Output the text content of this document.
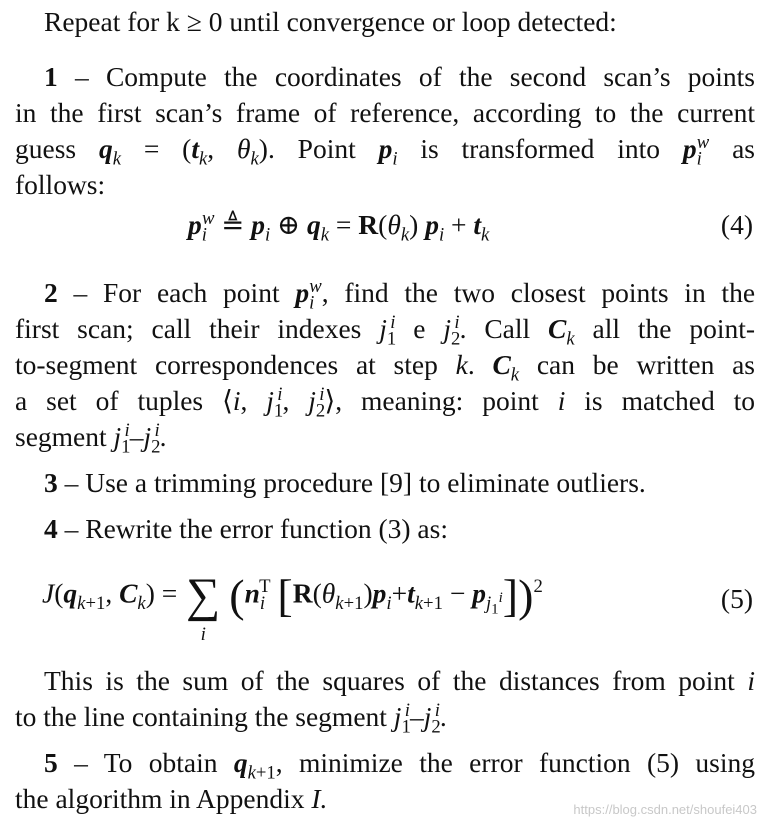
Repeat for k ≥ 0 until convergence or loop detected:
1 – Compute the coordinates of the second scan’s points
in the first scan’s frame of reference, according to the current
guess $q_k = (t_k$, $\theta_k$). Point $p_i$ is transformed into $p_i^w$ as
follows:
$p_i^w$ ≜ $p_i$ ⊕ $q_k = R(\theta_k) p_i + t_k$	(4)
2 – For each point $p_i^w$, find the two closest points in the
first scan; call their indexes $j_1^i$ e $j_2^i$. Call $C_k$ all the point-
to-segment correspondences at step k. $C_k$ can be written as
a set of tuples ⟨i, $j_1^i$, $j_2^i⟩$, meaning: point i is matched to
segment $j_1^i-j_2^i$.
3 – Use a trimming procedure [9] to eliminate outliers.
4 – Rewrite the error function (3) as:
$J(q_{k+1}$, $C_k$) = ∑
i
($n_i^T$ $[R(\theta_{k+1})p_i+t_{k+1} - p_{j_1^i}])^2$	(5)
This is the sum of the squares of the distances from point i
to the line containing the segment $j_1^i-j_2^i$.
5 – To obtain $q_{k+1}$, minimize the error function (5) using
the algorithm in Appendix I.	https://blog.csdn.net/shoufei403
